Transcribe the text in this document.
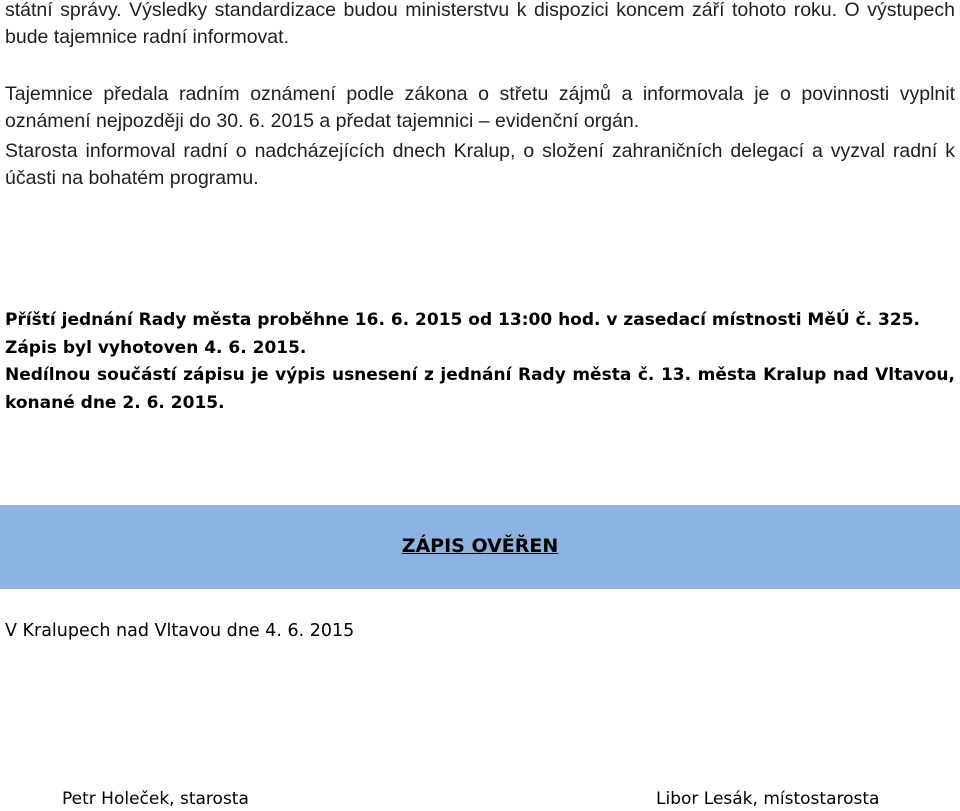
státní správy. Výsledky standardizace budou ministerstvu k dispozici koncem září tohoto roku. O výstupech bude tajemnice radní informovat.
Tajemnice předala radním oznámení podle zákona o střetu zájmů a informovala je o povinnosti vyplnit oznámení nejpozději do 30. 6. 2015 a předat tajemnici – evidenční orgán.
Starosta informoval radní o nadcházejících dnech Kralup, o složení zahraničních delegací a vyzval radní k účasti na bohatém programu.

Příští jednání Rady města proběhne 16. 6. 2015 od 13:00 hod. v zasedací místnosti MěÚ č. 325.

Zápis byl vyhotoven 4. 6. 2015.

Nedílnou součástí zápisu je výpis usnesení z jednání Rady města č. 13. města Kralup nad Vltavou, konané dne 2. 6. 2015.

ZÁPIS OVĚŘEN
V Kralupech nad Vltavou dne 4. 6. 2015
Petr Holeček, starosta	Libor Lesák, místostarosta
